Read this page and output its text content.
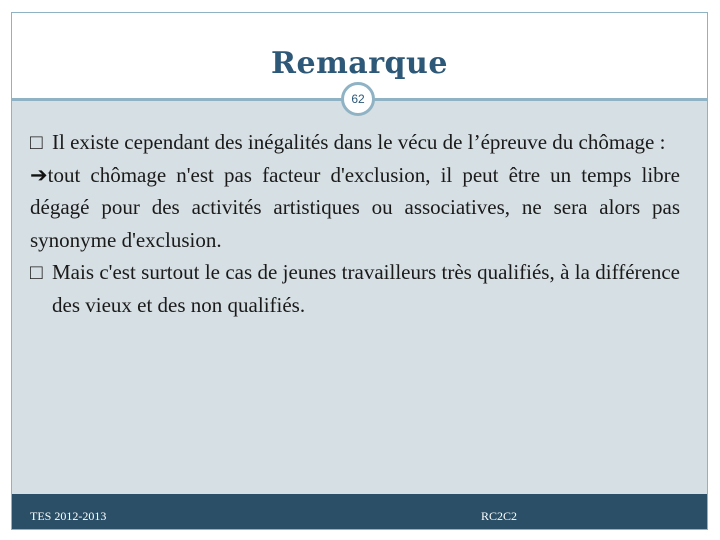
Remarque
62

□ Il existe cependant des inégalités dans le vécu de l’épreuve du chômage :

➔tout chômage n'est pas facteur d'exclusion, il peut être un temps libre dégagé pour des activités artistiques ou associatives, ne sera alors pas synonyme d'exclusion.

□ Mais c'est surtout le cas de jeunes travailleurs très qualifiés, à la différence des vieux et des non qualifiés.

TES 2012-2013	RC2C2
